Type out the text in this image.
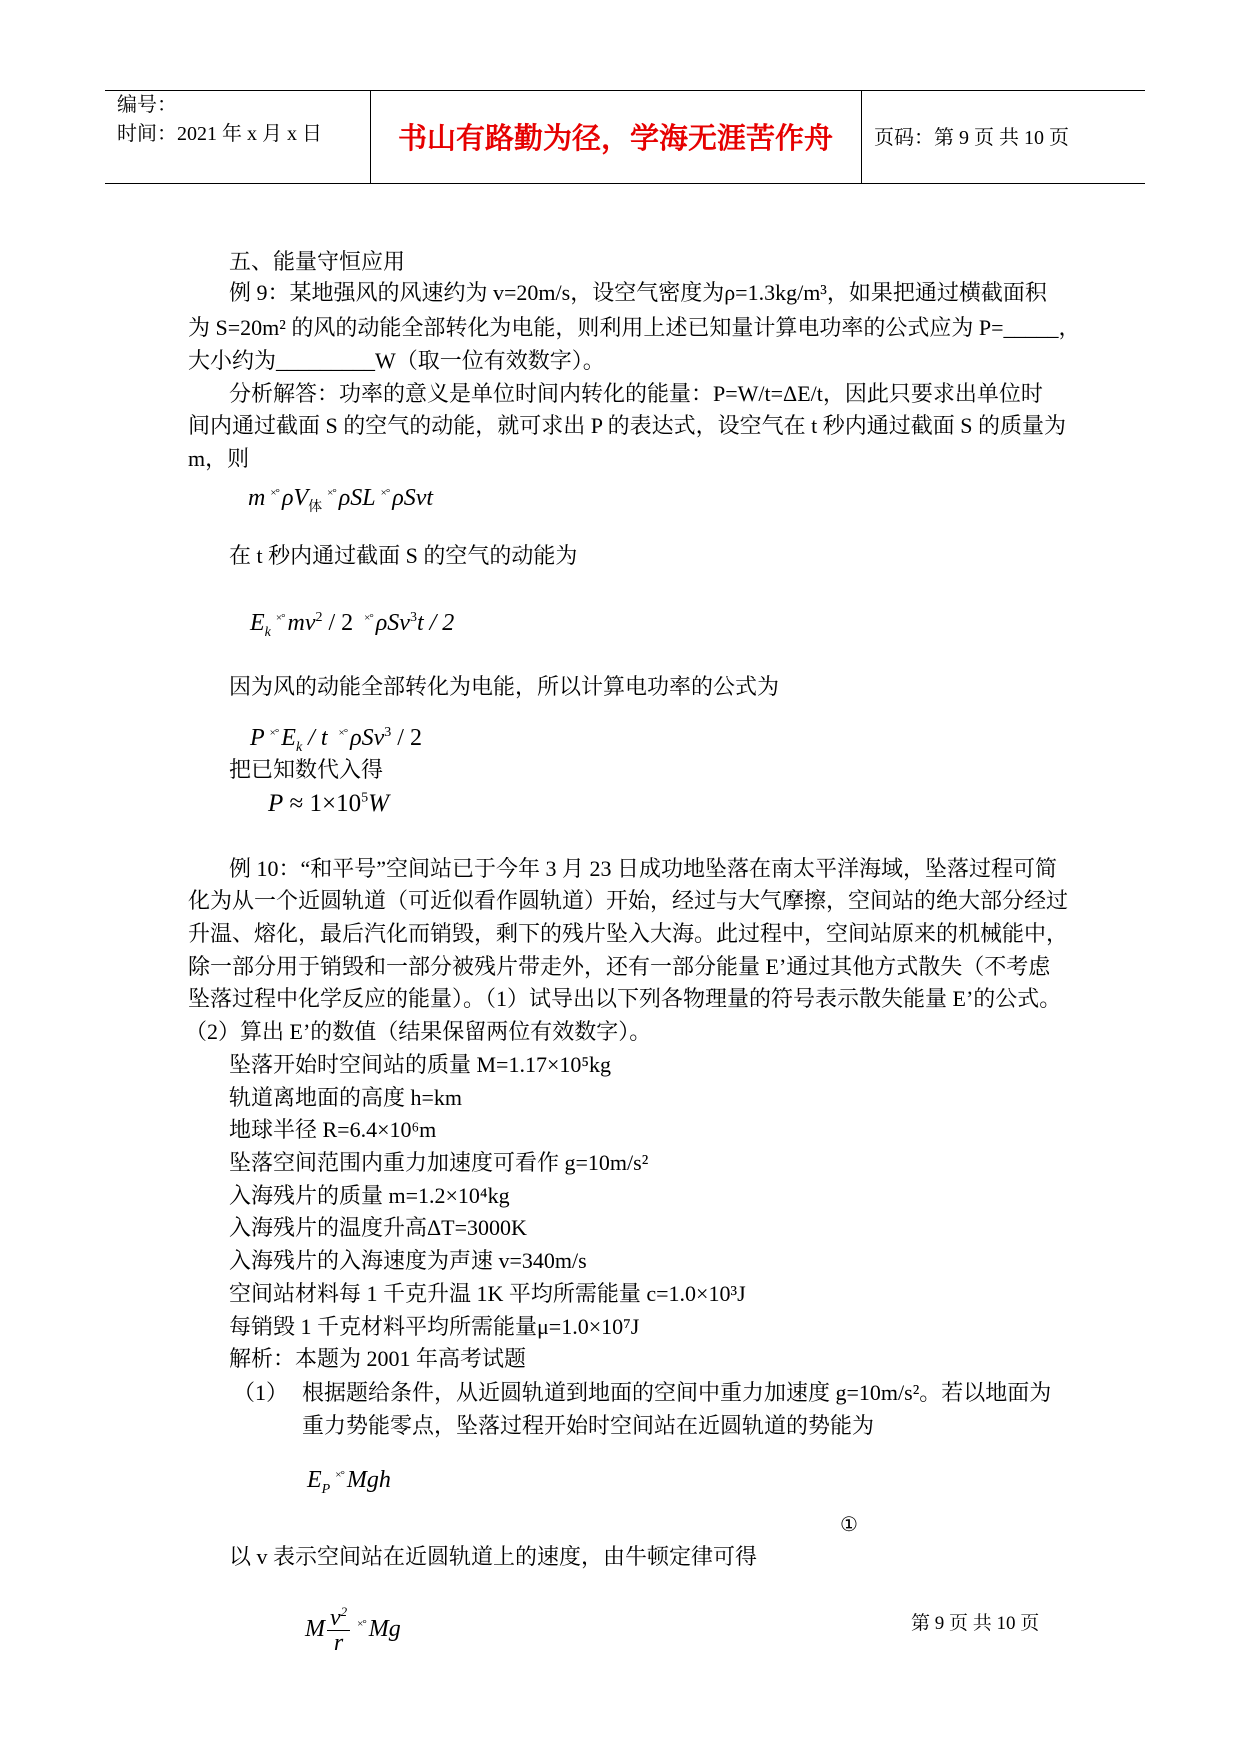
编号：
时间：2021 年 x 月 x 日	书山有路勤为径，学海无涯苦作舟	页码：第 9 页 共 10 页
五、能量守恒应用
例 9：某地强风的风速约为 v=20m/s，设空气密度为ρ=1.3kg/m³，如果把通过横截面积
为 S=20m² 的风的动能全部转化为电能，则利用上述已知量计算电功率的公式应为 P=_____，
大小约为_________W（取一位有效数字）。
分析解答：功率的意义是单位时间内转化的能量：P=W/t=ΔE/t，因此只要求出单位时
间内通过截面 S 的空气的动能，就可求出 P 的表达式，设空气在 t 秒内通过截面 S 的质量为
m，则
m ×° $\rho V_体^{\times^\circ}$ ρSL ×° ρSvt
在 t 秒内通过截面 S 的空气的动能为
$E_k^{\times^\circ}$ $mv^2 / 2$ ×° ρSv$^3$t / 2
因为风的动能全部转化为电能，所以计算电功率的公式为
P ×° $E_k$ / t ×° ρSv$^3$ / 2
把已知数代入得
$P \approx 1\times 10^5W$
例 10：“和平号”空间站已于今年 3 月 23 日成功地坠落在南太平洋海域，坠落过程可简
化为从一个近圆轨道（可近似看作圆轨道）开始，经过与大气摩擦，空间站的绝大部分经过
升温、熔化，最后汽化而销毁，剩下的残片坠入大海。此过程中，空间站原来的机械能中，
除一部分用于销毁和一部分被残片带走外，还有一部分能量 E’通过其他方式散失（不考虑
坠落过程中化学反应的能量）。（1）试导出以下列各物理量的符号表示散失能量 E’的公式。
（2）算出 E’的数值（结果保留两位有效数字）。
坠落开始时空间站的质量 M=1.17×10⁵kg
轨道离地面的高度 h=km
地球半径 R=6.4×10⁶m
坠落空间范围内重力加速度可看作 g=10m/s²
入海残片的质量 m=1.2×10⁴kg
入海残片的温度升高ΔT=3000K
入海残片的入海速度为声速 v=340m/s
空间站材料每 1 千克升温 1K 平均所需能量 c=1.0×10³J
每销毁 1 千克材料平均所需能量μ=1.0×10⁷J
解析：本题为 2001 年高考试题
（1） 根据题给条件，从近圆轨道到地面的空间中重力加速度 g=10m/s²。若以地面为
重力势能零点，坠落过程开始时空间站在近圆轨道的势能为
$E_P^{\times^\circ}$ Mgh
①
以 v 表示空间站在近圆轨道上的速度，由牛顿定律可得
M $\frac{v^2}{r} ^{\times^\circ}$ Mg	第 9 页 共 10 页
